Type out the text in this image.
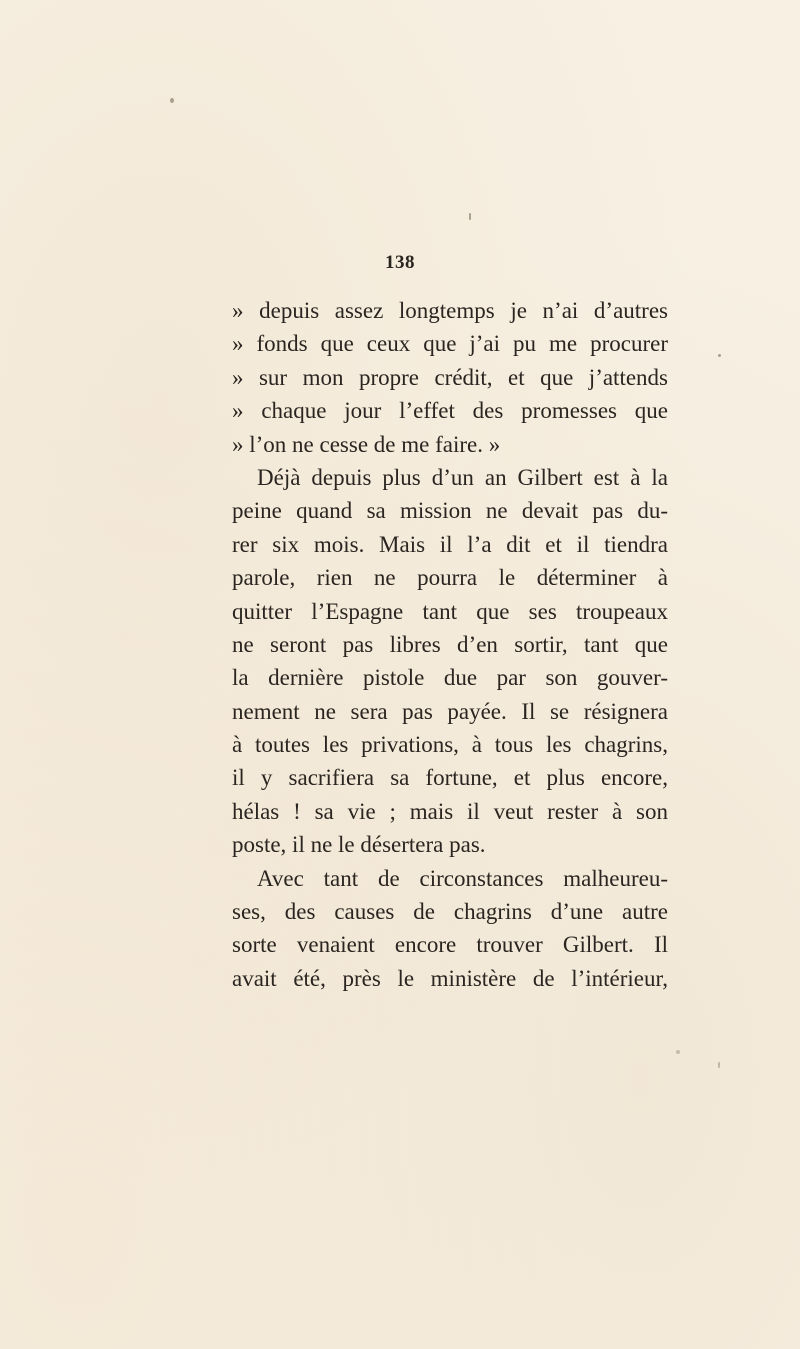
138
» depuis assez longtemps je n’ai d’autres
» fonds que ceux que j’ai pu me procurer
» sur mon propre crédit, et que j’attends
» chaque jour l’effet des promesses que
» l’on ne cesse de me faire. »
Déjà depuis plus d’un an Gilbert est à la
peine quand sa mission ne devait pas du-
rer six mois. Mais il l’a dit et il tiendra
parole, rien ne pourra le déterminer à
quitter l’Espagne tant que ses troupeaux
ne seront pas libres d’en sortir, tant que
la dernière pistole due par son gouver-
nement ne sera pas payée. Il se résignera
à toutes les privations, à tous les chagrins,
il y sacrifiera sa fortune, et plus encore,
hélas ! sa vie ; mais il veut rester à son
poste, il ne le désertera pas.
Avec tant de circonstances malheureu-
ses, des causes de chagrins d’une autre
sorte venaient encore trouver Gilbert. Il
avait été, près le ministère de l’intérieur,
